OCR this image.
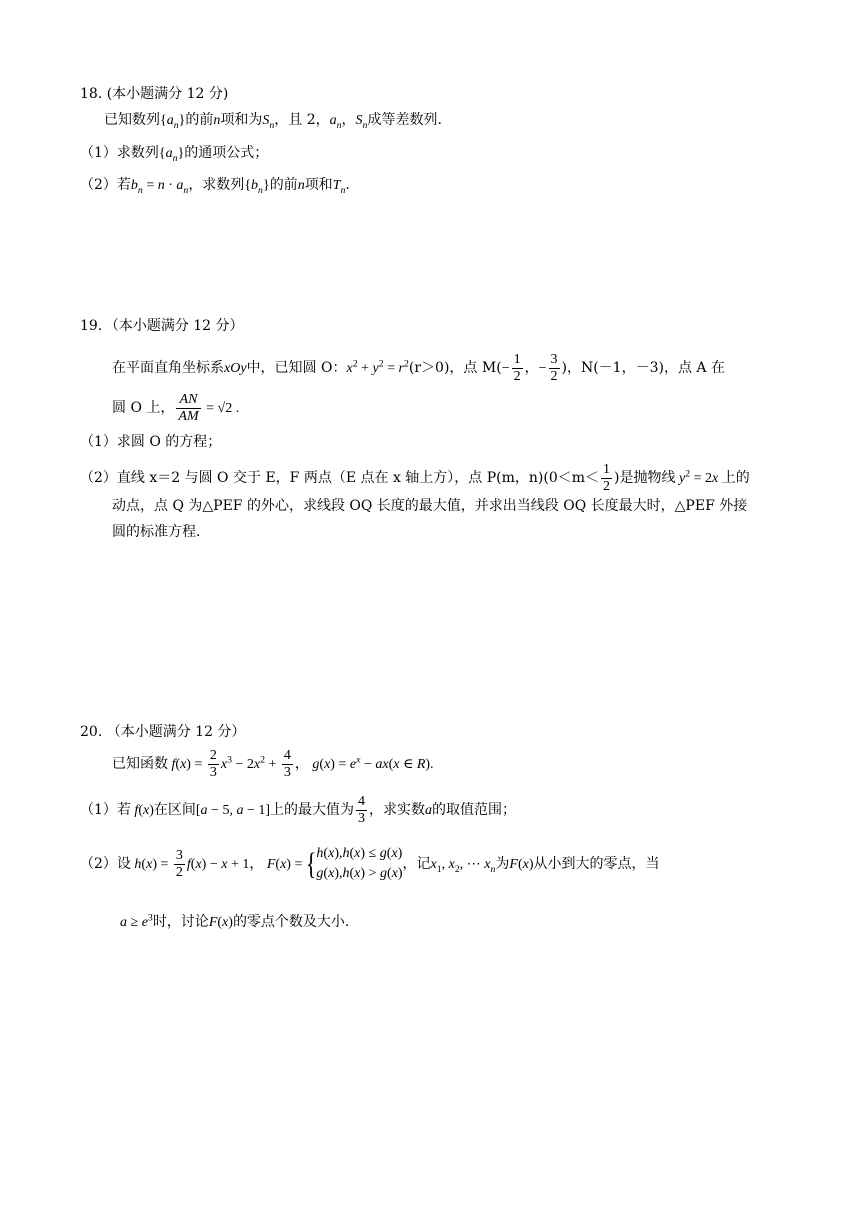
18. (本小题满分 12 分)
已知数列$\{a_n\}$的前n项和为$S_n$，且 2，$a_n$，$S_n$成等差数列.
（1）求数列$\{a_n\}$的通项公式；
（2）若$b_n = n \cdot a_n$，求数列$\{b_n\}$的前n项和$T_n$.
19．（本小题满分 12 分）
在平面直角坐标系xOy中，已知圆 O：$x^2 + y^2 = r^2(r>0)$，点 $M(- \frac{1}{2}$ ，− $\frac{3}{2}$ )，N(－1，－3)，点 A 在
圆 O 上， $\frac{AN}{AM} = √2$ .
（1）求圆 O 的方程；
（2）直线 x＝2 与圆 O 交于 E，F 两点（E 点在 x 轴上方），点 P(m，$n)(0<m< \frac{1}{2}$ )是抛物线 $y^2 = 2x$ 上的
动点，点 Q 为△PEF 的外心，求线段 OQ 长度的最大值，并求出当线段 OQ 长度最大时，△PEF 外接
圆的标准方程.
20. （本小题满分 12 分）
已知函数 $f(x) = \frac{2}{3} x^3 - 2x^2 + \frac{4}{3}$ ， $g(x) = e^x - ax(x$ ∈ R).
（1）若 f(x)在区间[a − 5, a − 1]上的最大值为 $\frac{4}{3}$ ，求实数a的取值范围；
（2）设 $h(x) = \frac{3}{2} f(x) - x + 1$， F(x) = { h(x),h(x) ≤ g(x)
g(x),h(x) > g(x)
，记$x_1$, $x_2$, ⋯ $x_n$为F(x)从小到大的零点，当
$a \ge e^3$时，讨论F(x)的零点个数及大小.
